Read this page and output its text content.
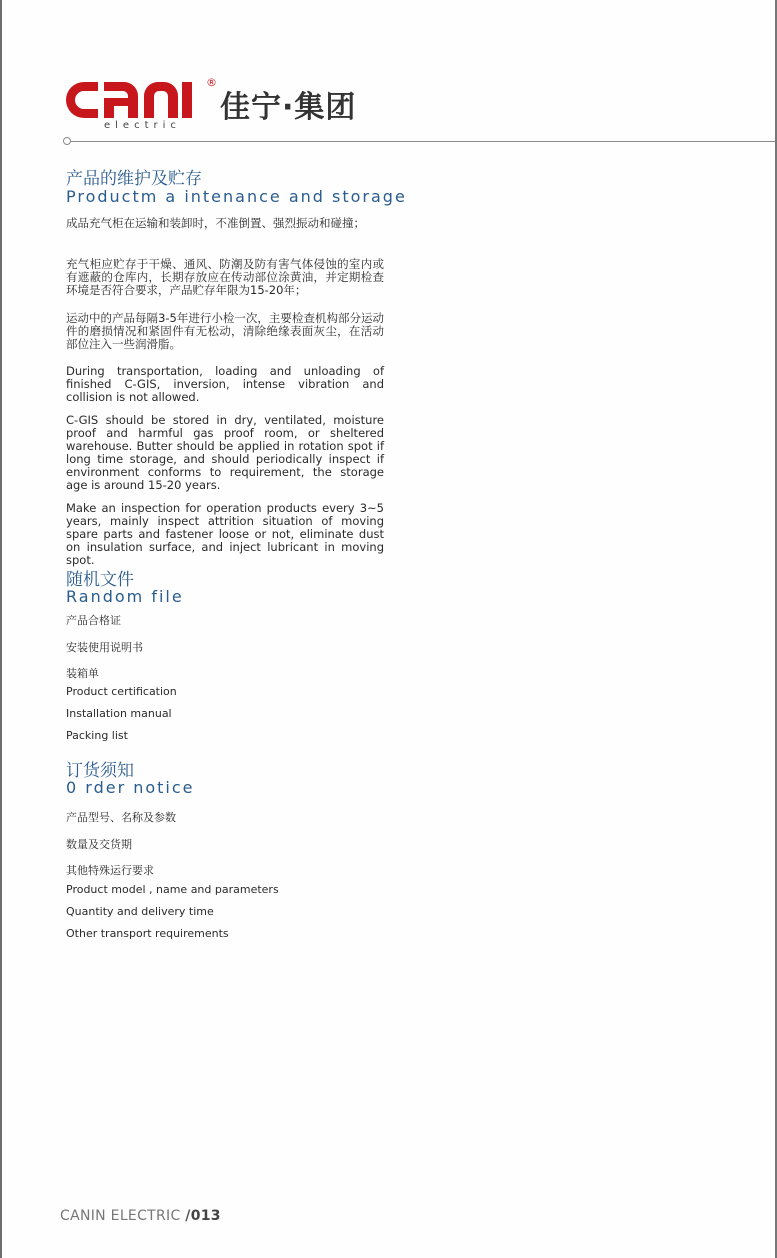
®
electric
佳宁·集团
产品的维护及贮存
Productm a intenance and storage

成品充气柜在运输和装卸时，不准倒置、强烈振动和碰撞；

充气柜应贮存于干燥、通风、防潮及防有害气体侵蚀的室内或有遮蔽的仓库内，长期存放应在传动部位涂黄油，并定期检查环境是否符合要求，产品贮存年限为15-20年；

运动中的产品每隔3-5年进行小检一次，主要检查机构部分运动件的磨损情况和紧固件有无松动，清除绝缘表面灰尘，在活动部位注入一些润滑脂。

During transportation, loading and unloading of finished C-GIS, inversion, intense vibration and collision is not allowed.

C-GIS should be stored in dry, ventilated, moisture proof and harmful gas proof room, or sheltered warehouse. Butter should be applied in rotation spot if long time storage, and should periodically inspect if environment conforms to requirement, the storage age is around 15-20 years.

Make an inspection for operation products every 3~5 years, mainly inspect attrition situation of moving spare parts and fastener loose or not, eliminate dust on insulation surface, and inject lubricant in moving spot.

随机文件
Random file
产品合格证
安装使用说明书
装箱单
Product certification
Installation manual
Packing list
订货须知
0 rder notice
产品型号、名称及参数
数量及交货期
其他特殊运行要求
Product model , name and parameters
Quantity and delivery time
Other transport requirements
CANIN ELECTRIC /013
